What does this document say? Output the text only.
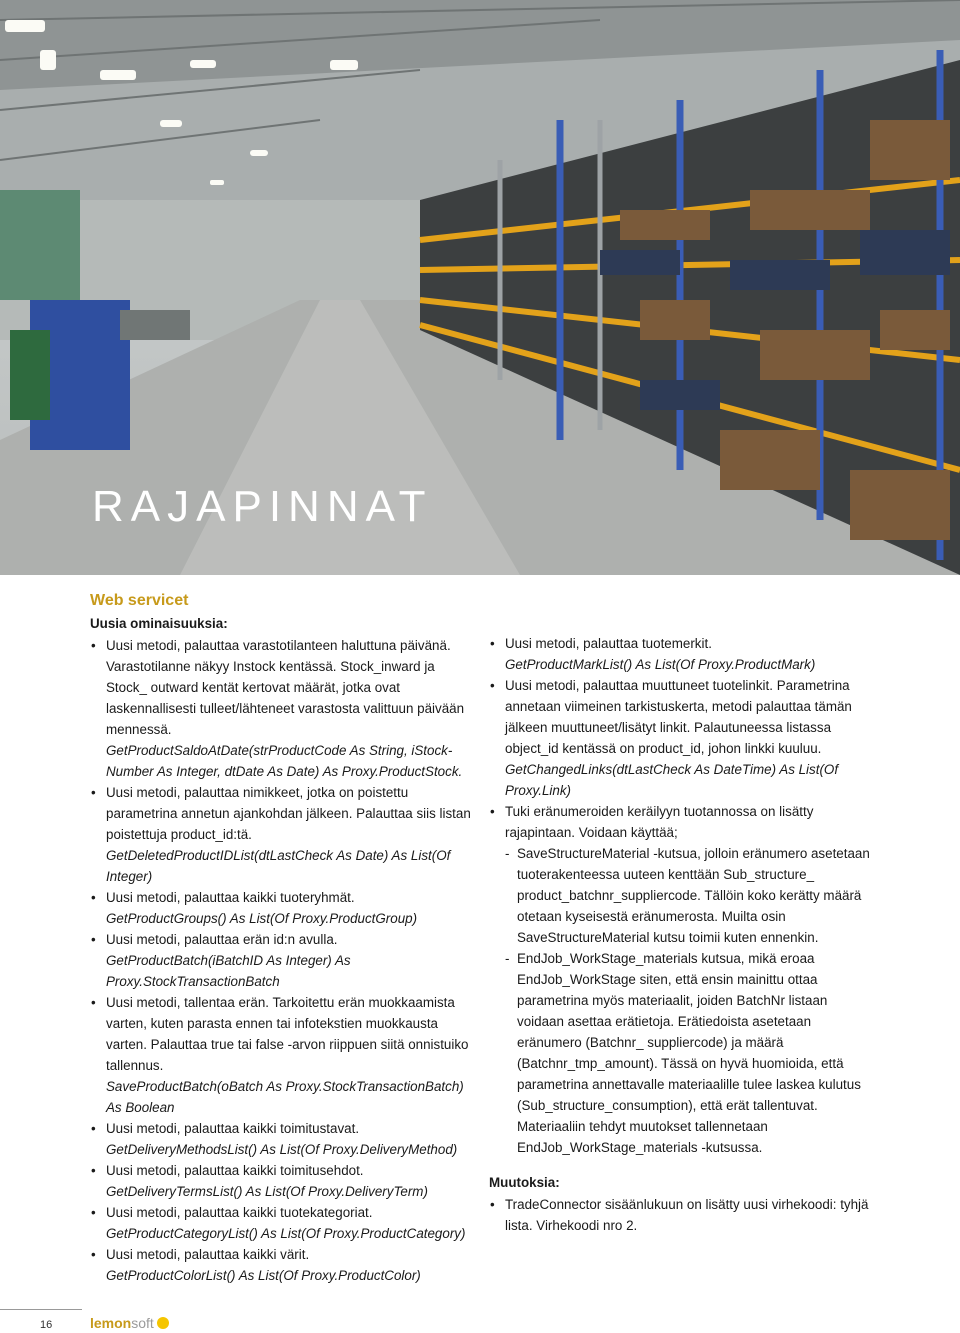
RAJAPINNAT

Web servicet

Uusia ominaisuuksia:

• Uusi metodi, palauttaa varastotilanteen haluttuna päivänä. Varastotilanne näkyy Instock kentässä. Stock_inward ja Stock_ outward kentät kertovat määrät, jotka ovat laskennallisesti tulleet/lähteneet varastosta valittuun päivään mennessä.

GetProductSaldoAtDate(strProductCode As String, iStock-Number As Integer, dtDate As Date) As Proxy.ProductStock.

• Uusi metodi, palauttaa nimikkeet, jotka on poistettu parametrina annetun ajankohdan jälkeen. Palauttaa siis listan poistettuja product_id:tä.

GetDeletedProductIDList(dtLastCheck As Date) As List(Of Integer)

• Uusi metodi, palauttaa kaikki tuoteryhmät.

GetProductGroups() As List(Of Proxy.ProductGroup)

• Uusi metodi, palauttaa erän id:n avulla.

GetProductBatch(iBatchID As Integer) As Proxy.StockTransactionBatch

• Uusi metodi, tallentaa erän. Tarkoitettu erän muokkaamista varten, kuten parasta ennen tai infotekstien muokkausta varten. Palauttaa true tai false -arvon riippuen siitä onnistuiko tallennus.

SaveProductBatch(oBatch As Proxy.StockTransactionBatch) As Boolean

• Uusi metodi, palauttaa kaikki toimitustavat.

GetDeliveryMethodsList() As List(Of Proxy.DeliveryMethod)

• Uusi metodi, palauttaa kaikki toimitusehdot.

GetDeliveryTermsList() As List(Of Proxy.DeliveryTerm)

• Uusi metodi, palauttaa kaikki tuotekategoriat.

GetProductCategoryList() As List(Of Proxy.ProductCategory)

• Uusi metodi, palauttaa kaikki värit.

GetProductColorList() As List(Of Proxy.ProductColor)

• Uusi metodi, palauttaa tuotemerkit.

GetProductMarkList() As List(Of Proxy.ProductMark)

• Uusi metodi, palauttaa muuttuneet tuotelinkit. Parametrina annetaan viimeinen tarkistuskerta, metodi palauttaa tämän jälkeen muuttuneet/lisätyt linkit. Palautuneessa listassa object_id kentässä on product_id, johon linkki kuuluu.

GetChangedLinks(dtLastCheck As DateTime) As List(Of Proxy.Link)

• Tuki eränumeroiden keräilyyn tuotannossa on lisätty rajapintaan. Voidaan käyttää;

- SaveStructureMaterial -kutsua, jolloin eränumero asetetaan tuoterakenteessa uuteen kenttään Sub_structure_ product_batchnr_suppliercode. Tällöin koko kerätty määrä otetaan kyseisestä eränumerosta. Muilta osin SaveStructureMaterial kutsu toimii kuten ennenkin.

- EndJob_WorkStage_materials kutsua, mikä eroaa EndJob_WorkStage siten, että ensin mainittu ottaa parametrina myös materiaalit, joiden BatchNr listaan voidaan asettaa erätietoja. Erätiedoista asetetaan eränumero (Batchnr_ suppliercode) ja määrä (Batchnr_tmp_amount). Tässä on hyvä huomioida, että parametrina annettavalle materiaalille tulee laskea kulutus (Sub_structure_consumption), että erät tallentuvat. Materiaaliin tehdyt muutokset tallennetaan EndJob_WorkStage_materials -kutsussa.

Muutoksia:

• TradeConnector sisäänlukuun on lisätty uusi virhekoodi: tyhjä lista. Virhekoodi nro 2.

16	lemonsoft
